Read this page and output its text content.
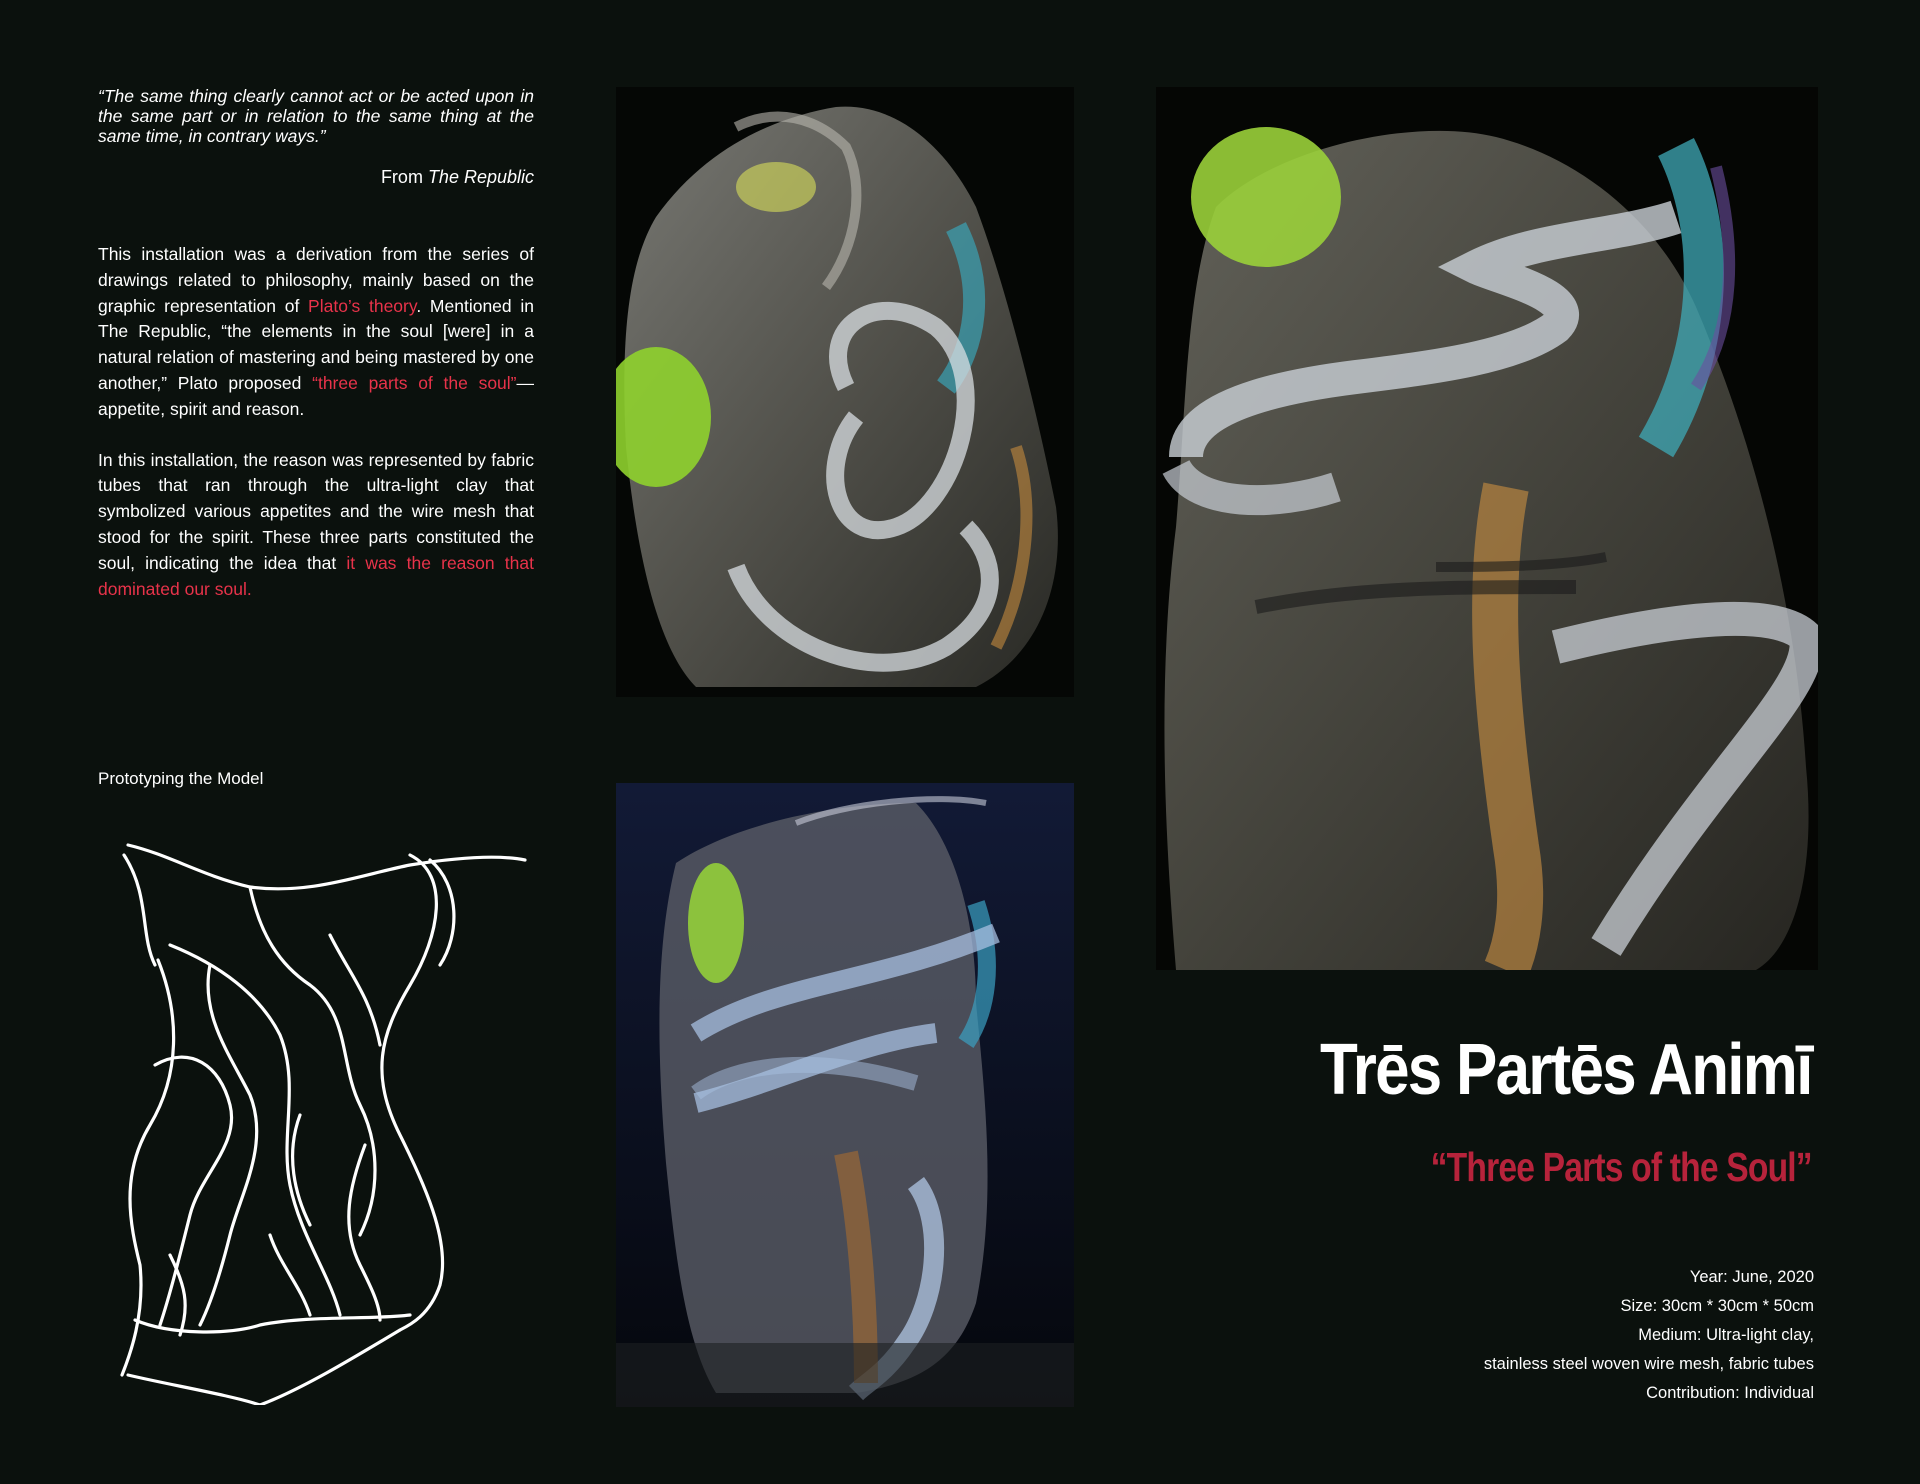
“The same thing clearly cannot act or be acted upon in the same part or in relation to the same thing at the same time, in contrary ways.”
From The Republic

This installation was a derivation from the series of drawings related to philosophy, mainly based on the graphic representation of Plato’s theory. Mentioned in The Republic, “the elements in the soul [were] in a natural relation of mastering and being mastered by one another,” Plato proposed “three parts of the soul”—appetite, spirit and reason.

In this installation, the reason was represented by fabric tubes that ran through the ultra-light clay that symbolized various appetites and the wire mesh that stood for the spirit. These three parts constituted the soul, indicating the idea that it was the reason that dominated our soul.

Prototyping the Model
Trēs Partēs Animī
“Three Parts of the Soul”
Year: June, 2020
Size: 30cm * 30cm * 50cm
Medium: Ultra-light clay,
stainless steel woven wire mesh, fabric tubes
Contribution: Individual
